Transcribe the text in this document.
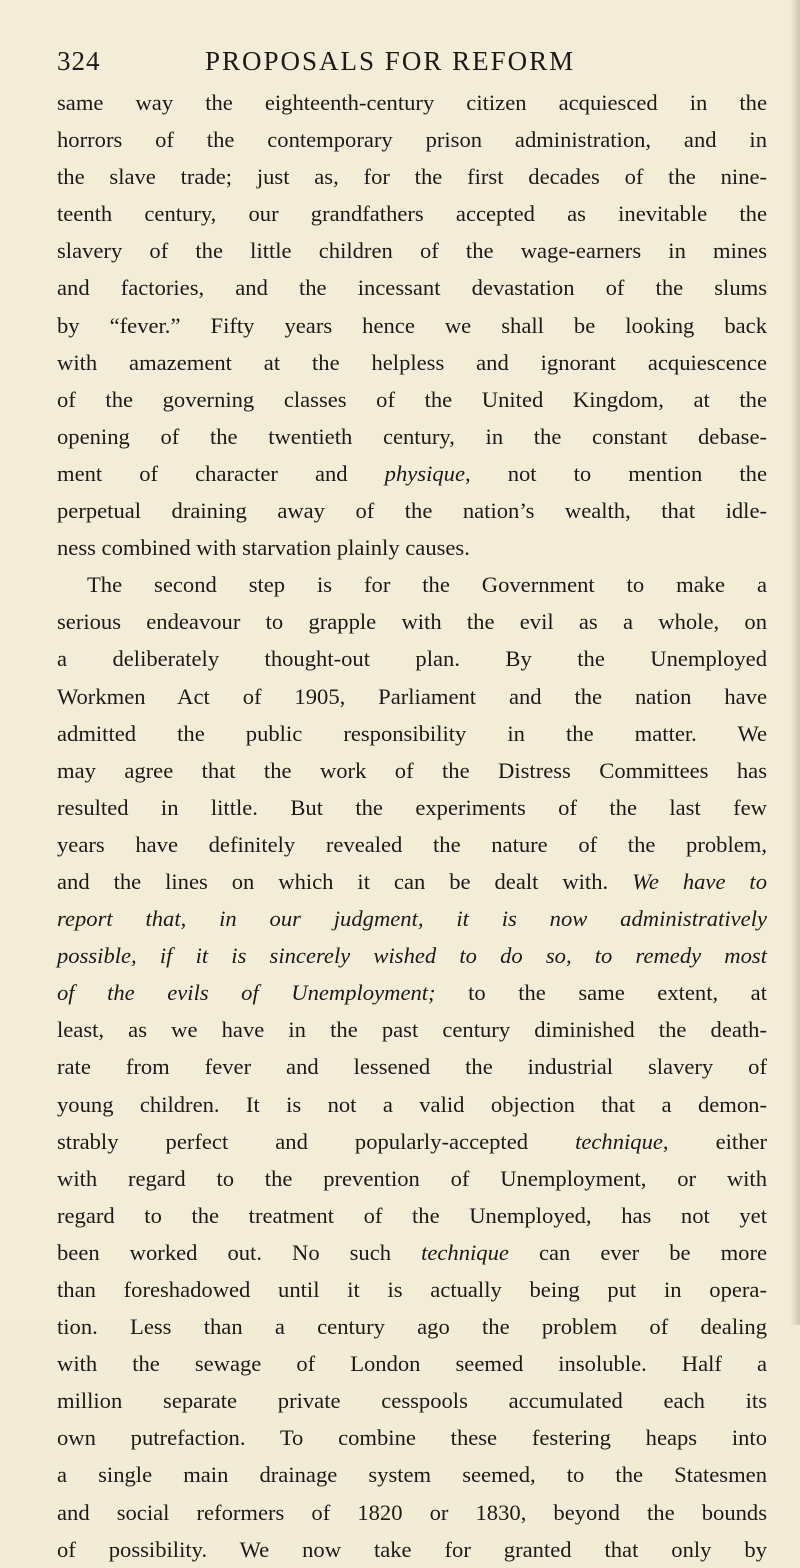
324	PROPOSALS FOR REFORM
same way the eighteenth-century citizen acquiesced in the
horrors of the contemporary prison administration, and in
the slave trade; just as, for the first decades of the nine-
teenth century, our grandfathers accepted as inevitable the
slavery of the little children of the wage-earners in mines
and factories, and the incessant devastation of the slums
by “fever.” Fifty years hence we shall be looking back
with amazement at the helpless and ignorant acquiescence
of the governing classes of the United Kingdom, at the
opening of the twentieth century, in the constant debase-
ment of character and physique, not to mention the
perpetual draining away of the nation’s wealth, that idle-
ness combined with starvation plainly causes.
The second step is for the Government to make a
serious endeavour to grapple with the evil as a whole, on
a deliberately thought-out plan. By the Unemployed
Workmen Act of 1905, Parliament and the nation have
admitted the public responsibility in the matter. We
may agree that the work of the Distress Committees has
resulted in little. But the experiments of the last few
years have definitely revealed the nature of the problem,
and the lines on which it can be dealt with. We have to
report that, in our judgment, it is now administratively
possible, if it is sincerely wished to do so, to remedy most
of the evils of Unemployment; to the same extent, at
least, as we have in the past century diminished the death-
rate from fever and lessened the industrial slavery of
young children. It is not a valid objection that a demon-
strably perfect and popularly-accepted technique, either
with regard to the prevention of Unemployment, or with
regard to the treatment of the Unemployed, has not yet
been worked out. No such technique can ever be more
than foreshadowed until it is actually being put in opera-
tion. Less than a century ago the problem of dealing
with the sewage of London seemed insoluble. Half a
million separate private cesspools accumulated each its
own putrefaction. To combine these festering heaps into
a single main drainage system seemed, to the Statesmen
and social reformers of 1820 or 1830, beyond the bounds
of possibility. We now take for granted that only by
